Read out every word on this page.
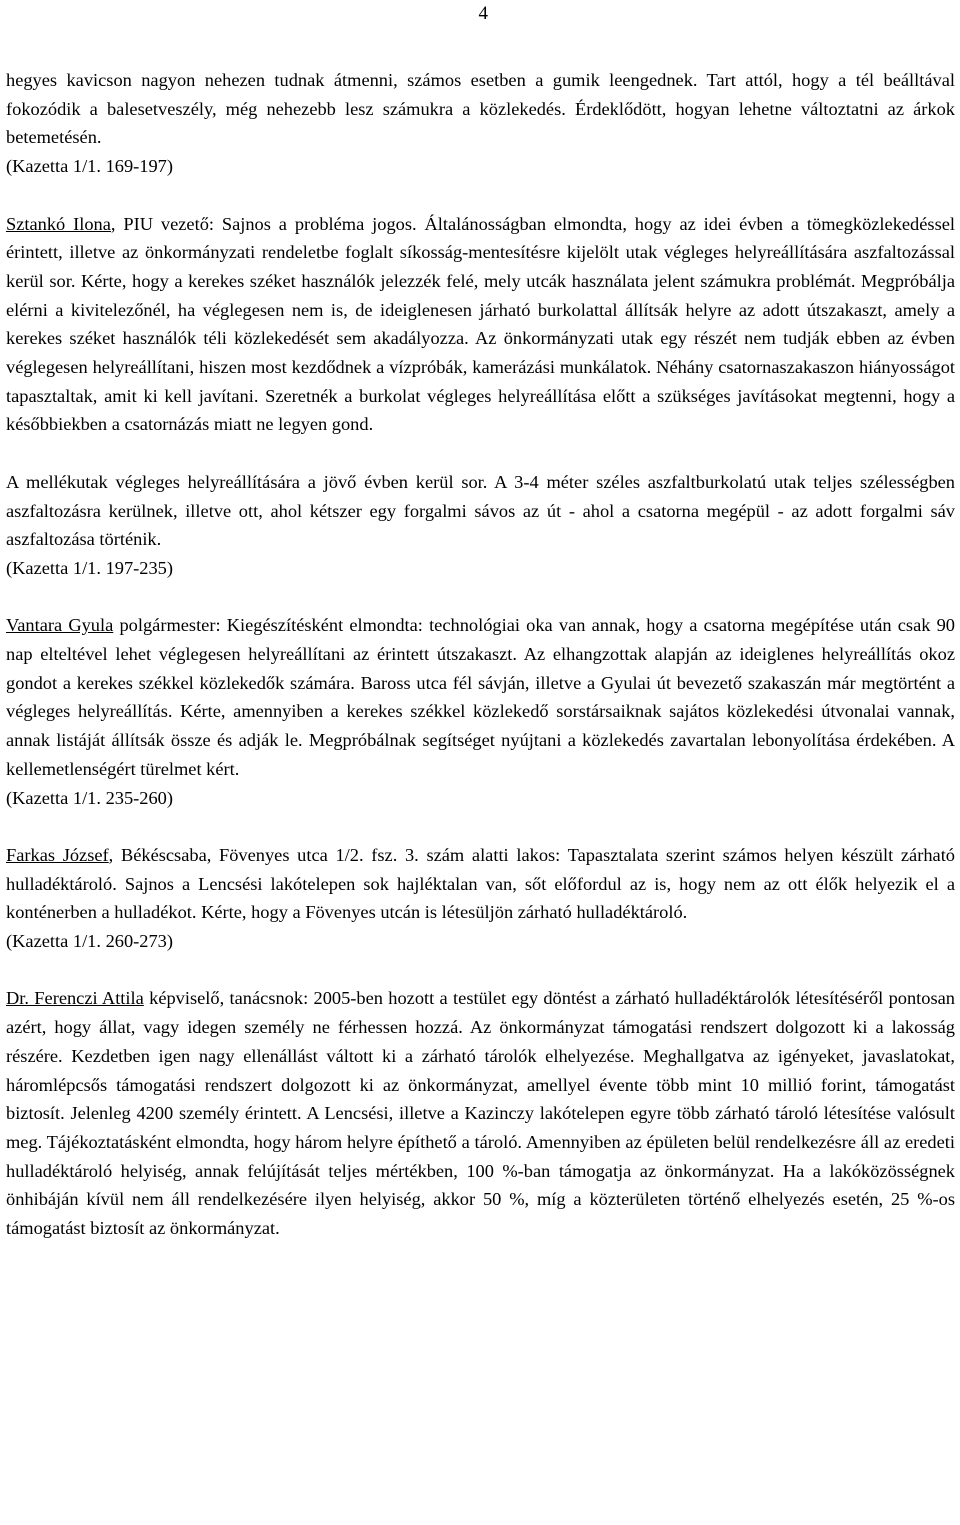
4

hegyes kavicson nagyon nehezen tudnak átmenni, számos esetben a gumik leengednek. Tart attól, hogy a tél beálltával fokozódik a balesetveszély, még nehezebb lesz számukra a közlekedés. Érdeklődött, hogyan lehetne változtatni az árkok betemetésén.

(Kazetta 1/1. 169-197)

Sztankó Ilona, PIU vezető: Sajnos a probléma jogos. Általánosságban elmondta, hogy az idei évben a tömegközlekedéssel érintett, illetve az önkormányzati rendeletbe foglalt síkosság-mentesítésre kijelölt utak végleges helyreállítására aszfaltozással kerül sor. Kérte, hogy a kerekes széket használók jelezzék felé, mely utcák használata jelent számukra problémát. Megpróbálja elérni a kivitelezőnél, ha véglegesen nem is, de ideiglenesen járható burkolattal állítsák helyre az adott útszakaszt, amely a kerekes széket használók téli közlekedését sem akadályozza. Az önkormányzati utak egy részét nem tudják ebben az évben véglegesen helyreállítani, hiszen most kezdődnek a vízpróbák, kamerázási munkálatok. Néhány csatornaszakaszon hiányosságot tapasztaltak, amit ki kell javítani. Szeretnék a burkolat végleges helyreállítása előtt a szükséges javításokat megtenni, hogy a későbbiekben a csatornázás miatt ne legyen gond.

A mellékutak végleges helyreállítására a jövő évben kerül sor. A 3-4 méter széles aszfaltburkolatú utak teljes szélességben aszfaltozásra kerülnek, illetve ott, ahol kétszer egy forgalmi sávos az út - ahol a csatorna megépül - az adott forgalmi sáv aszfaltozása történik.

(Kazetta 1/1. 197-235)

Vantara Gyula polgármester: Kiegészítésként elmondta: technológiai oka van annak, hogy a csatorna megépítése után csak 90 nap elteltével lehet véglegesen helyreállítani az érintett útszakaszt. Az elhangzottak alapján az ideiglenes helyreállítás okoz gondot a kerekes székkel közlekedők számára. Baross utca fél sávján, illetve a Gyulai út bevezető szakaszán már megtörtént a végleges helyreállítás. Kérte, amennyiben a kerekes székkel közlekedő sorstársaiknak sajátos közlekedési útvonalai vannak, annak listáját állítsák össze és adják le. Megpróbálnak segítséget nyújtani a közlekedés zavartalan lebonyolítása érdekében. A kellemetlenségért türelmet kért.

(Kazetta 1/1. 235-260)

Farkas József, Békéscsaba, Fövenyes utca 1/2. fsz. 3. szám alatti lakos: Tapasztalata szerint számos helyen készült zárható hulladéktároló. Sajnos a Lencsési lakótelepen sok hajléktalan van, sőt előfordul az is, hogy nem az ott élők helyezik el a konténerben a hulladékot. Kérte, hogy a Fövenyes utcán is létesüljön zárható hulladéktároló.

(Kazetta 1/1. 260-273)

Dr. Ferenczi Attila képviselő, tanácsnok: 2005-ben hozott a testület egy döntést a zárható hulladéktárolók létesítéséről pontosan azért, hogy állat, vagy idegen személy ne férhessen hozzá. Az önkormányzat támogatási rendszert dolgozott ki a lakosság részére. Kezdetben igen nagy ellenállást váltott ki a zárható tárolók elhelyezése. Meghallgatva az igényeket, javaslatokat, háromlépcsős támogatási rendszert dolgozott ki az önkormányzat, amellyel évente több mint 10 millió forint, támogatást biztosít. Jelenleg 4200 személy érintett. A Lencsési, illetve a Kazinczy lakótelepen egyre több zárható tároló létesítése valósult meg. Tájékoztatásként elmondta, hogy három helyre építhető a tároló. Amennyiben az épületen belül rendelkezésre áll az eredeti hulladéktároló helyiség, annak felújítását teljes mértékben, 100 %-ban támogatja az önkormányzat. Ha a lakóközösségnek önhibáján kívül nem áll rendelkezésére ilyen helyiség, akkor 50 %, míg a közterületen történő elhelyezés esetén, 25 %-os támogatást biztosít az önkormányzat.
